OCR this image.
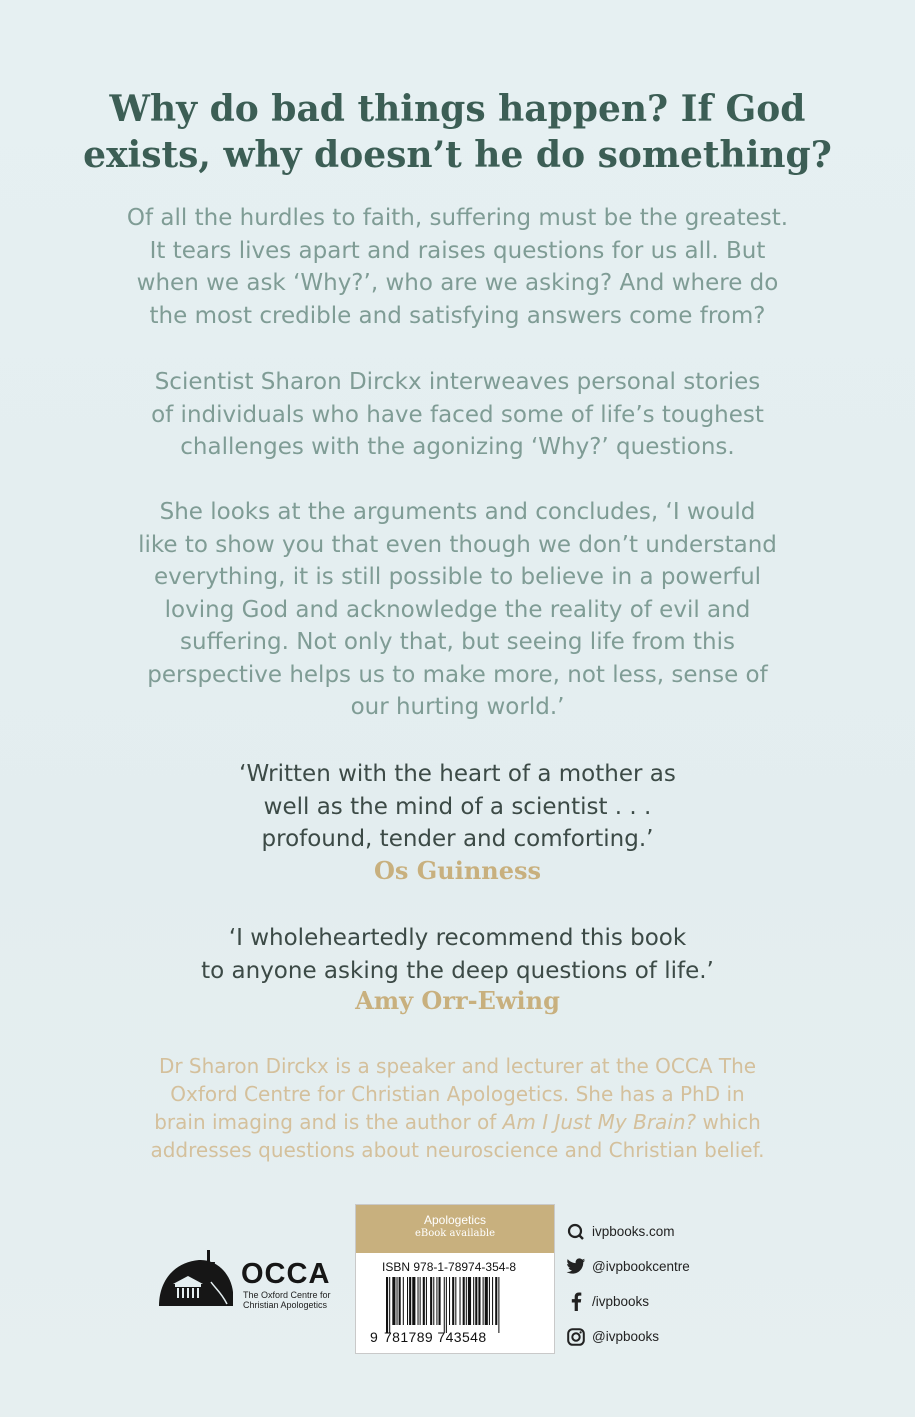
Why do bad things happen? If God
exists, why doesn’t he do something?
Of all the hurdles to faith, suffering must be the greatest.
It tears lives apart and raises questions for us all. But
when we ask ‘Why?’, who are we asking? And where do
the most credible and satisfying answers come from?
Scientist Sharon Dirckx interweaves personal stories
of individuals who have faced some of life’s toughest
challenges with the agonizing ‘Why?’ questions.
She looks at the arguments and concludes, ‘I would
like to show you that even though we don’t understand
everything, it is still possible to believe in a powerful
loving God and acknowledge the reality of evil and
suffering. Not only that, but seeing life from this
perspective helps us to make more, not less, sense of
our hurting world.’
‘Written with the heart of a mother as
well as the mind of a scientist . . .
profound, tender and comforting.’
Os Guinness
‘I wholeheartedly recommend this book
to anyone asking the deep questions of life.’
Amy Orr-Ewing
Dr Sharon Dirckx is a speaker and lecturer at the OCCA The
Oxford Centre for Christian Apologetics. She has a PhD in
brain imaging and is the author of Am I Just My Brain? which
addresses questions about neuroscience and Christian belief.
OCCA
The Oxford Centre for
Christian Apologetics
Apologetics
eBook available
ISBN 978-1-78974-354-8
9 781789 743548
ivpbooks.com
@ivpbookcentre
/ivpbooks
@ivpbooks
